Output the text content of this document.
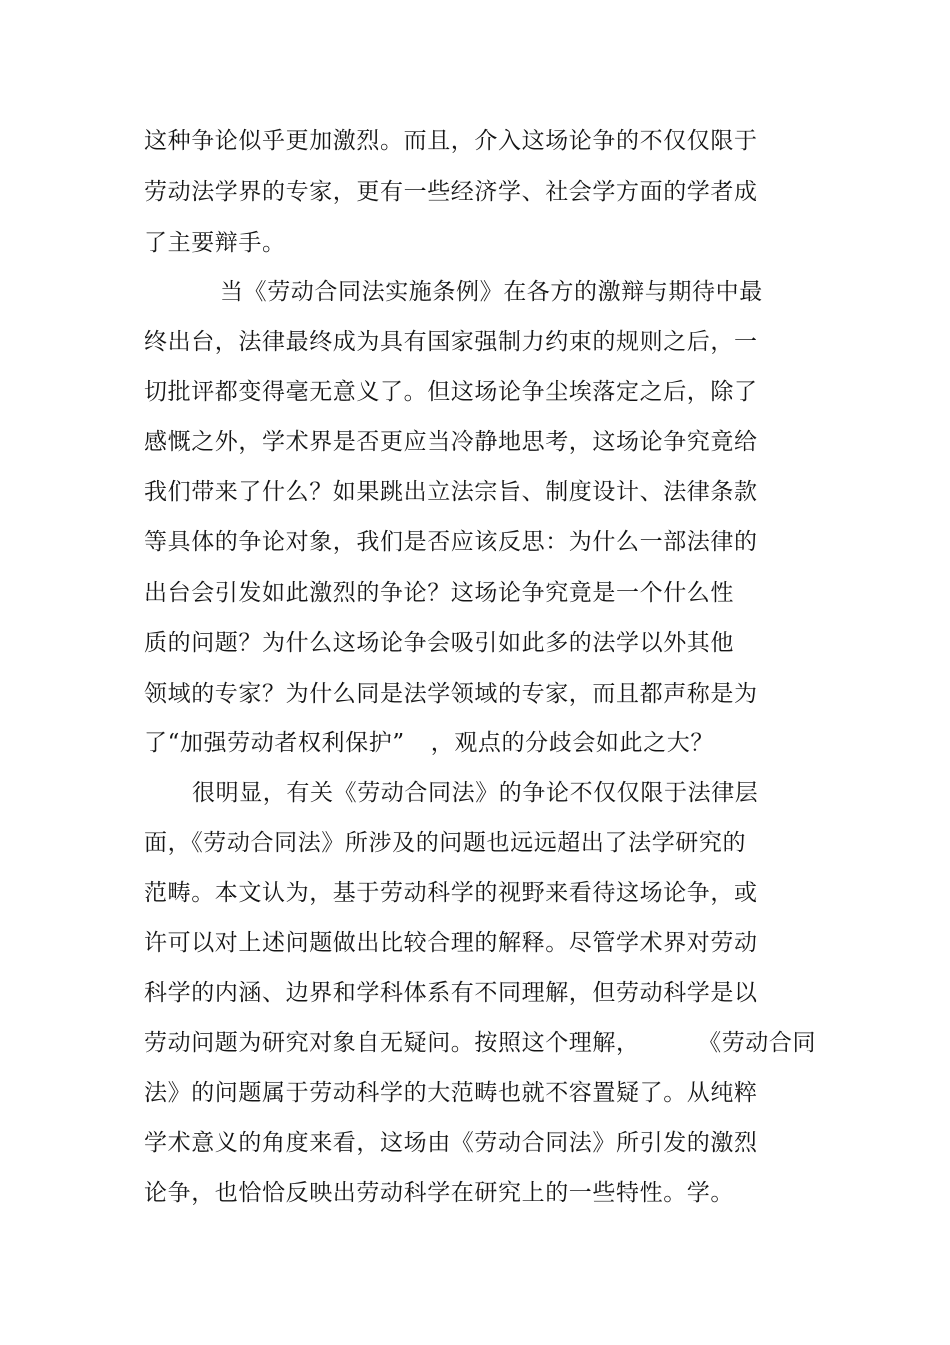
这种争论似乎更加激烈。而且，介入这场论争的不仅仅限于
劳动法学界的专家，更有一些经济学、社会学方面的学者成
了主要辩手。
当《劳动合同法实施条例》在各方的激辩与期待中最
终出台，法律最终成为具有国家强制力约束的规则之后，一
切批评都变得毫无意义了。但这场论争尘埃落定之后，除了
感慨之外，学术界是否更应当冷静地思考，这场论争究竟给
我们带来了什么？如果跳出立法宗旨、制度设计、法律条款
等具体的争论对象，我们是否应该反思：为什么一部法律的
出台会引发如此激烈的争论？这场论争究竟是一个什么性
质的问题？为什么这场论争会吸引如此多的法学以外其他
领域的专家？为什么同是法学领域的专家，而且都声称是为
了“加强劳动者权利保护” ，观点的分歧会如此之大？
很明显，有关《劳动合同法》的争论不仅仅限于法律层
面，《劳动合同法》所涉及的问题也远远超出了法学研究的
范畴。本文认为，基于劳动科学的视野来看待这场论争，或
许可以对上述问题做出比较合理的解释。尽管学术界对劳动
科学的内涵、边界和学科体系有不同理解，但劳动科学是以
劳动问题为研究对象自无疑问。按照这个理解，	《劳动合同
法》的问题属于劳动科学的大范畴也就不容置疑了。从纯粹
学术意义的角度来看，这场由《劳动合同法》所引发的激烈
论争，也恰恰反映出劳动科学在研究上的一些特性。学。
